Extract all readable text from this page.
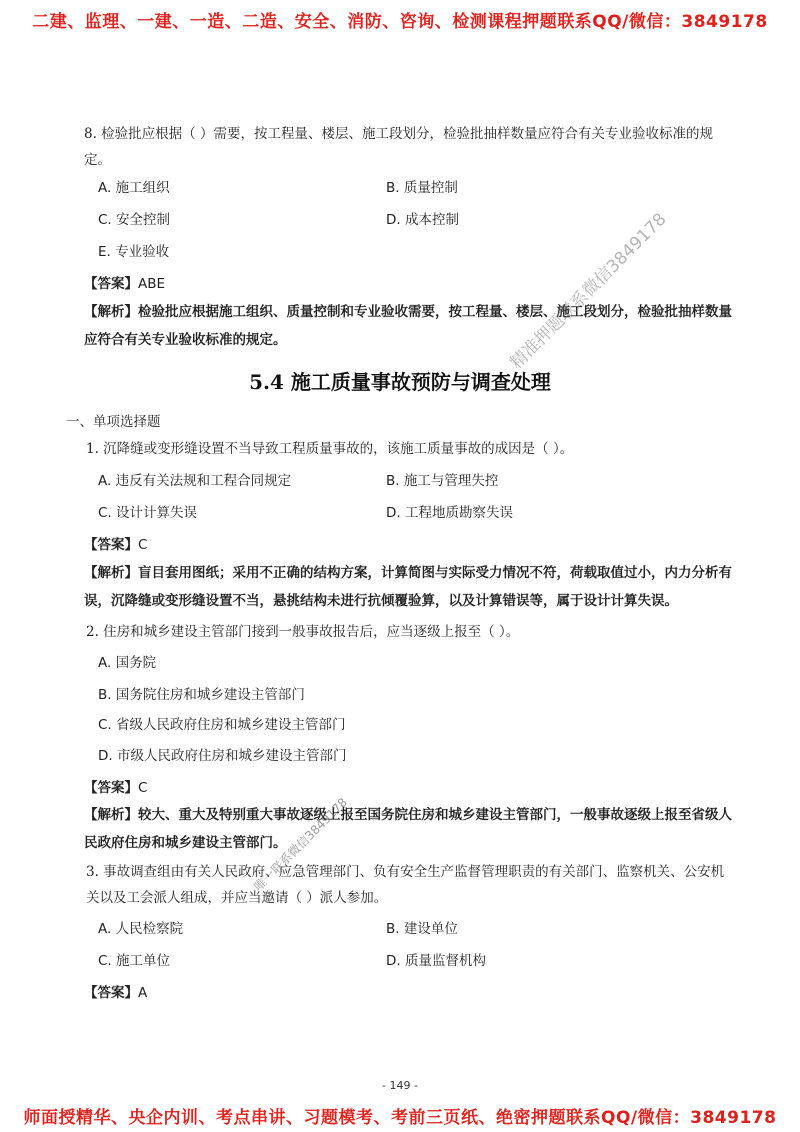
二建、监理、一建、一造、二造、安全、消防、咨询、检测课程押题联系QQ/微信：3849178
8. 检验批应根据（ ）需要，按工程量、楼层、施工段划分，检验批抽样数量应符合有关专业验收标准的规定。
A. 施工组织	B. 质量控制
C. 安全控制	D. 成本控制
E. 专业验收
【答案】ABE
【解析】检验批应根据施工组织、质量控制和专业验收需要，按工程量、楼层、施工段划分，检验批抽样数量应符合有关专业验收标准的规定。
5.4 施工质量事故预防与调查处理
一、单项选择题
1. 沉降缝或变形缝设置不当导致工程质量事故的，该施工质量事故的成因是（ ）。
A. 违反有关法规和工程合同规定	B. 施工与管理失控
C. 设计计算失误	D. 工程地质勘察失误
【答案】C
【解析】盲目套用图纸；采用不正确的结构方案，计算简图与实际受力情况不符，荷载取值过小，内力分析有误，沉降缝或变形缝设置不当，悬挑结构未进行抗倾覆验算，以及计算错误等，属于设计计算失误。
2. 住房和城乡建设主管部门接到一般事故报告后，应当逐级上报至（ ）。
A. 国务院
B. 国务院住房和城乡建设主管部门
C. 省级人民政府住房和城乡建设主管部门
D. 市级人民政府住房和城乡建设主管部门
【答案】C
【解析】较大、重大及特别重大事故逐级上报至国务院住房和城乡建设主管部门，一般事故逐级上报至省级人民政府住房和城乡建设主管部门。
3. 事故调查组由有关人民政府、应急管理部门、负有安全生产监督管理职责的有关部门、监察机关、公安机关以及工会派人组成，并应当邀请（ ）派人参加。
A. 人民检察院	B. 建设单位
C. 施工单位	D. 质量监督机构
【答案】A
- 149 -
精准押题联系微信3849178
唯一联系微信3849178
师面授精华、央企内训、考点串讲、习题模考、考前三页纸、绝密押题联系QQ/微信：3849178
